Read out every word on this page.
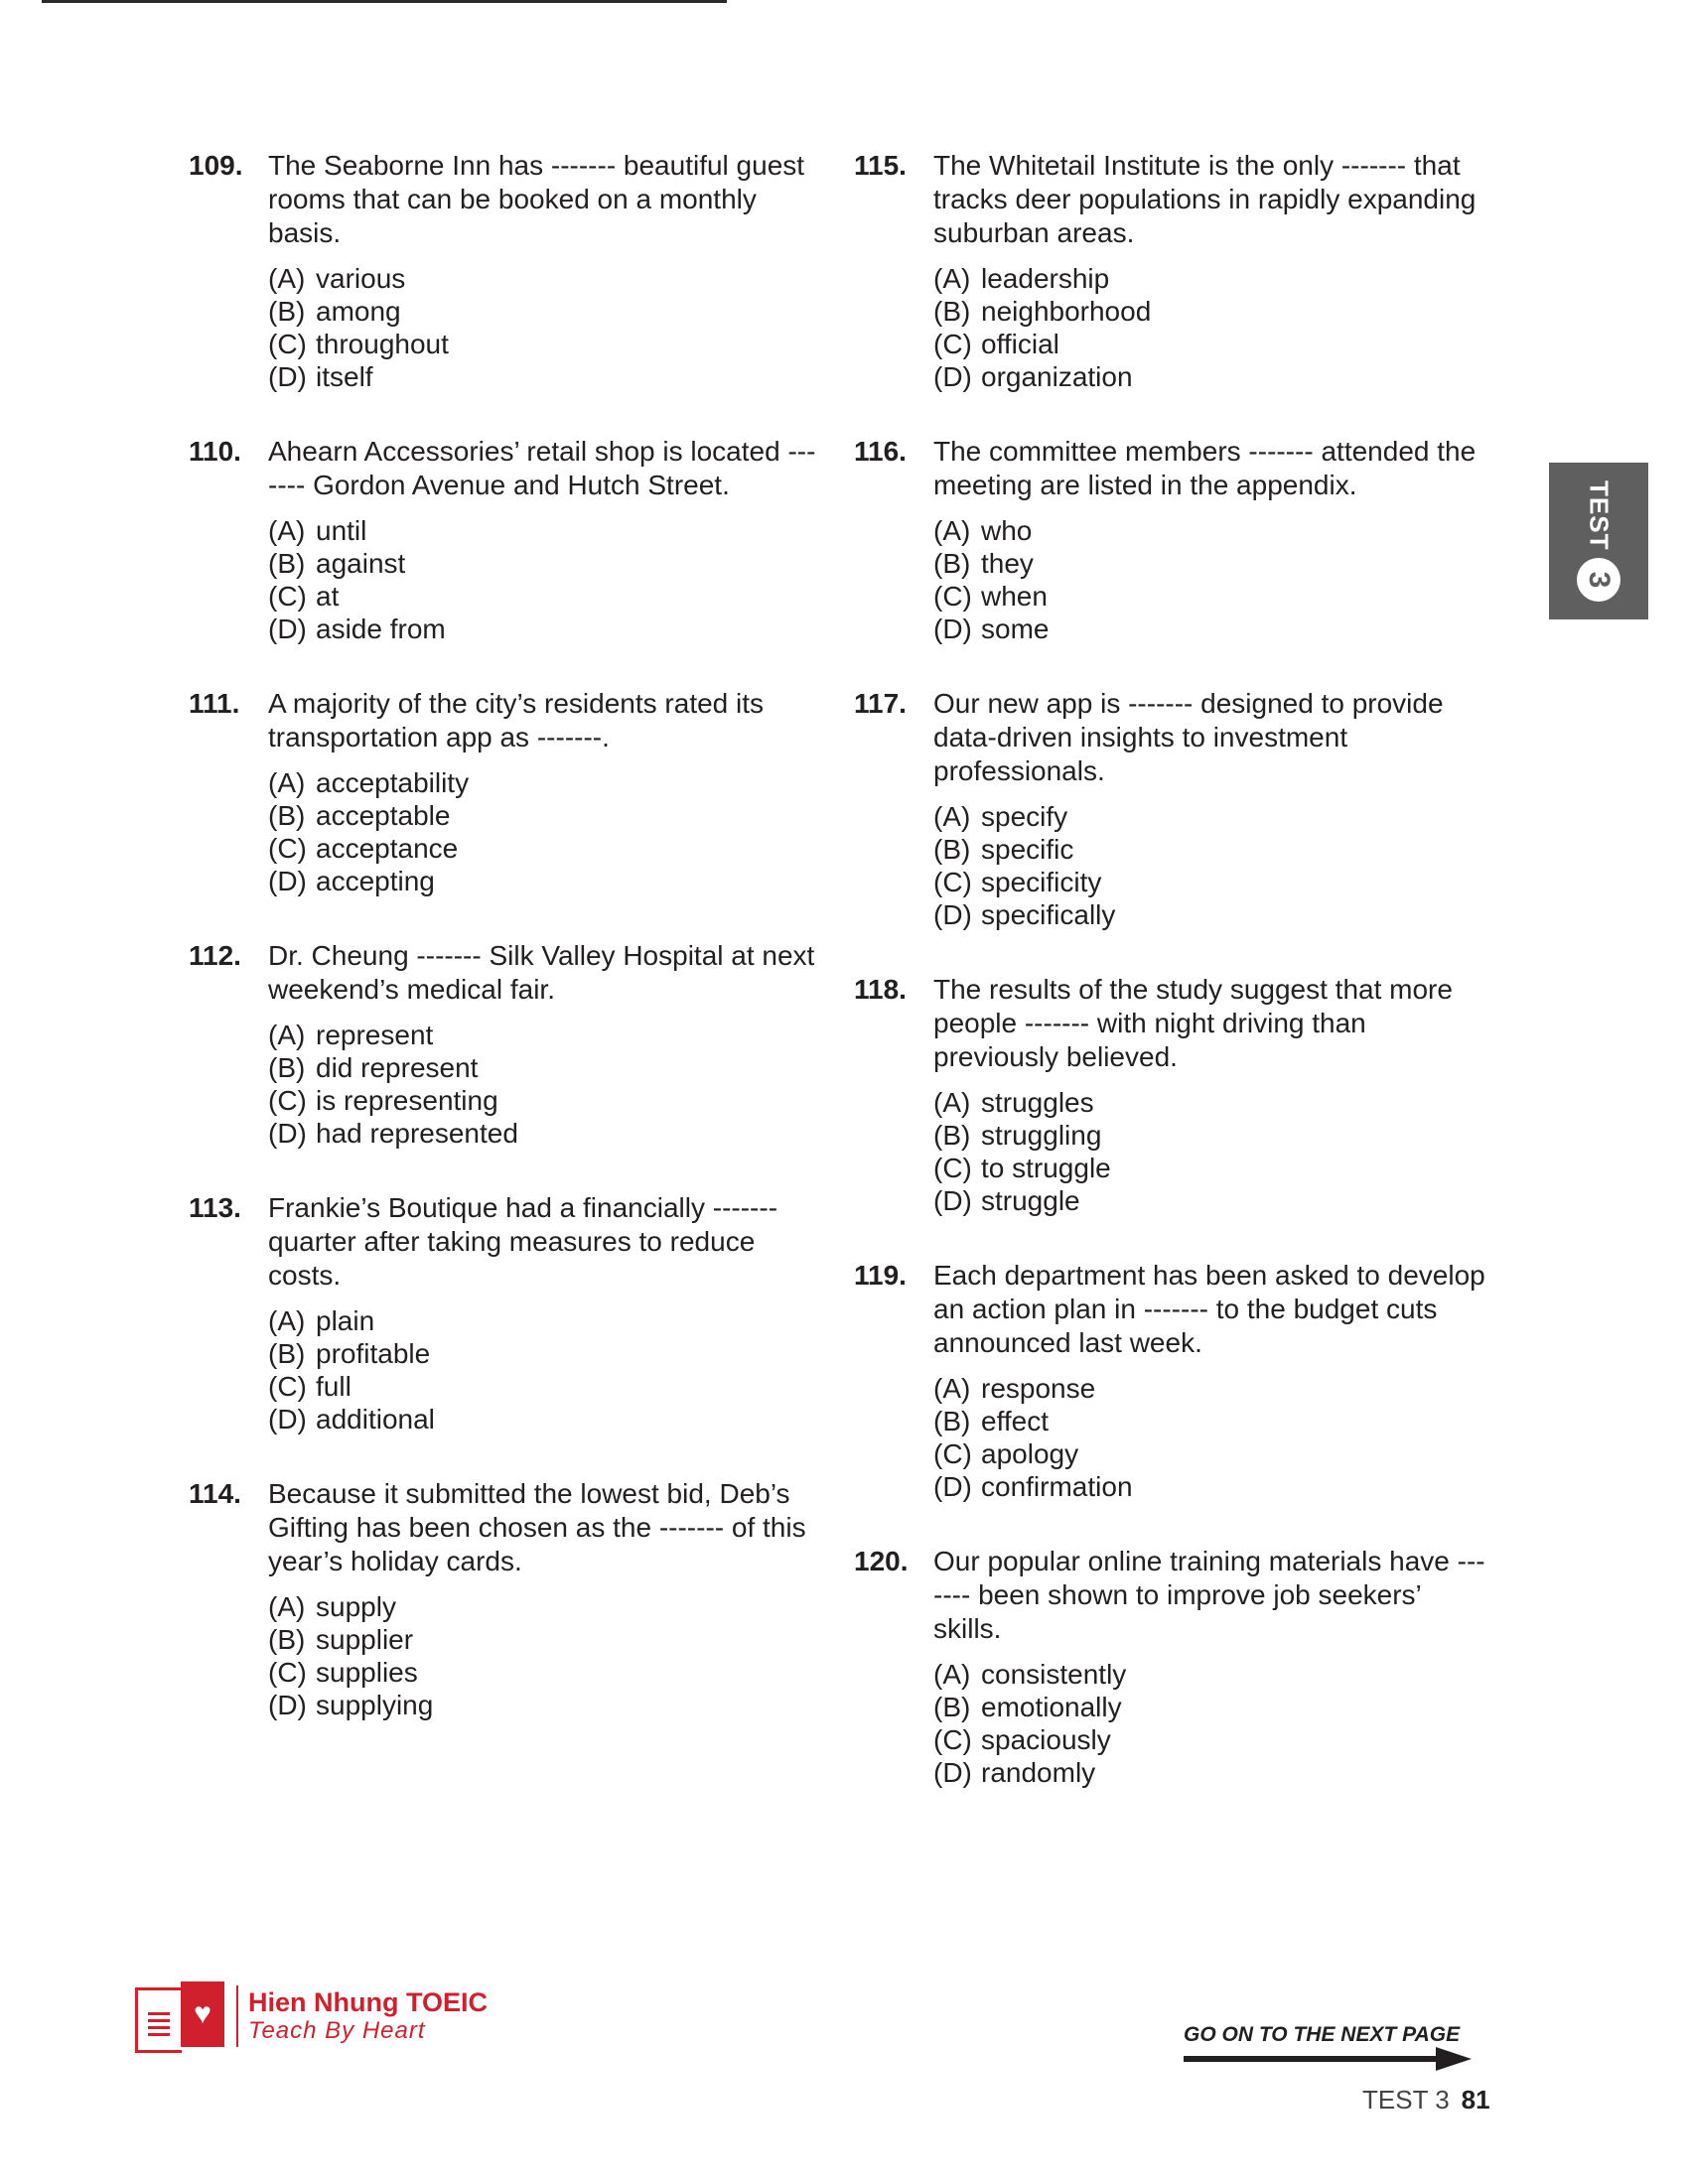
109. The Seaborne Inn has ------- beautiful guest rooms that can be booked on a monthly basis.

(A) various
(B) among
(C) throughout
(D) itself
110. Ahearn Accessories’ retail shop is located ------- Gordon Avenue and Hutch Street.

(A) until
(B) against
(C) at
(D) aside from
111. A majority of the city’s residents rated its transportation app as -------.

(A) acceptability
(B) acceptable
(C) acceptance
(D) accepting
112. Dr. Cheung ------- Silk Valley Hospital at next weekend’s medical fair.

(A) represent
(B) did represent
(C) is representing
(D) had represented
113. Frankie’s Boutique had a financially ------- quarter after taking measures to reduce costs.

(A) plain
(B) profitable
(C) full
(D) additional
114. Because it submitted the lowest bid, Deb’s Gifting has been chosen as the ------- of this year’s holiday cards.

(A) supply
(B) supplier
(C) supplies
(D) supplying
115. The Whitetail Institute is the only ------- that tracks deer populations in rapidly expanding suburban areas.

(A) leadership
(B) neighborhood
(C) official
(D) organization
116. The committee members ------- attended the meeting are listed in the appendix.

(A) who
(B) they
(C) when
(D) some
117. Our new app is ------- designed to provide data-driven insights to investment professionals.

(A) specify
(B) specific
(C) specificity
(D) specifically
118. The results of the study suggest that more people ------- with night driving than previously believed.

(A) struggles
(B) struggling
(C) to struggle
(D) struggle
119. Each department has been asked to develop an action plan in ------- to the budget cuts announced last week.

(A) response
(B) effect
(C) apology
(D) confirmation
120. Our popular online training materials have ------- been shown to improve job seekers’ skills.

(A) consistently
(B) emotionally
(C) spaciously
(D) randomly
TEST
3
♥	Hien Nhung TOEIC
Teach By Heart	GO ON TO THE NEXT PAGE
TEST 3 81
